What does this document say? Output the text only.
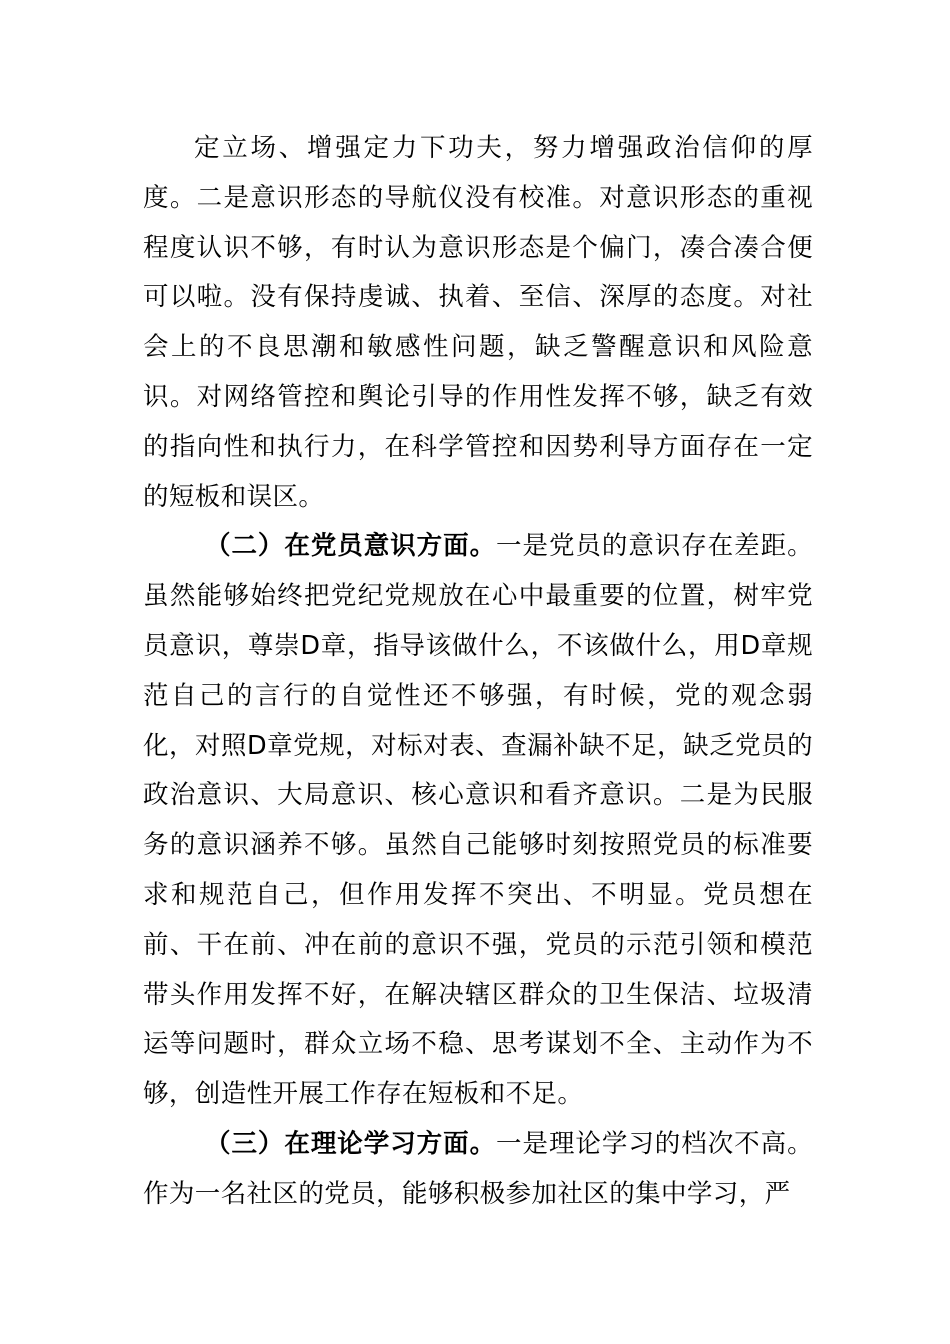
定立场、增强定力下功夫，努力增强政治信仰的厚度。二是意识形态的导航仪没有校准。对意识形态的重视程度认识不够，有时认为意识形态是个偏门，凑合凑合便可以啦。没有保持虔诚、执着、至信、深厚的态度。对社会上的不良思潮和敏感性问题，缺乏警醒意识和风险意识。对网络管控和舆论引导的作用性发挥不够，缺乏有效的指向性和执行力，在科学管控和因势利导方面存在一定的短板和误区。

（二）在党员意识方面。一是党员的意识存在差距。虽然能够始终把党纪党规放在心中最重要的位置，树牢党员意识，尊崇D章，指导该做什么，不该做什么，用D章规范自己的言行的自觉性还不够强，有时候，党的观念弱化，对照D章党规，对标对表、查漏补缺不足，缺乏党员的政治意识、大局意识、核心意识和看齐意识。二是为民服务的意识涵养不够。虽然自己能够时刻按照党员的标准要求和规范自己，但作用发挥不突出、不明显。党员想在前、干在前、冲在前的意识不强，党员的示范引领和模范带头作用发挥不好，在解决辖区群众的卫生保洁、垃圾清运等问题时，群众立场不稳、思考谋划不全、主动作为不够，创造性开展工作存在短板和不足。

（三）在理论学习方面。一是理论学习的档次不高。作为一名社区的党员，能够积极参加社区的集中学习，严
